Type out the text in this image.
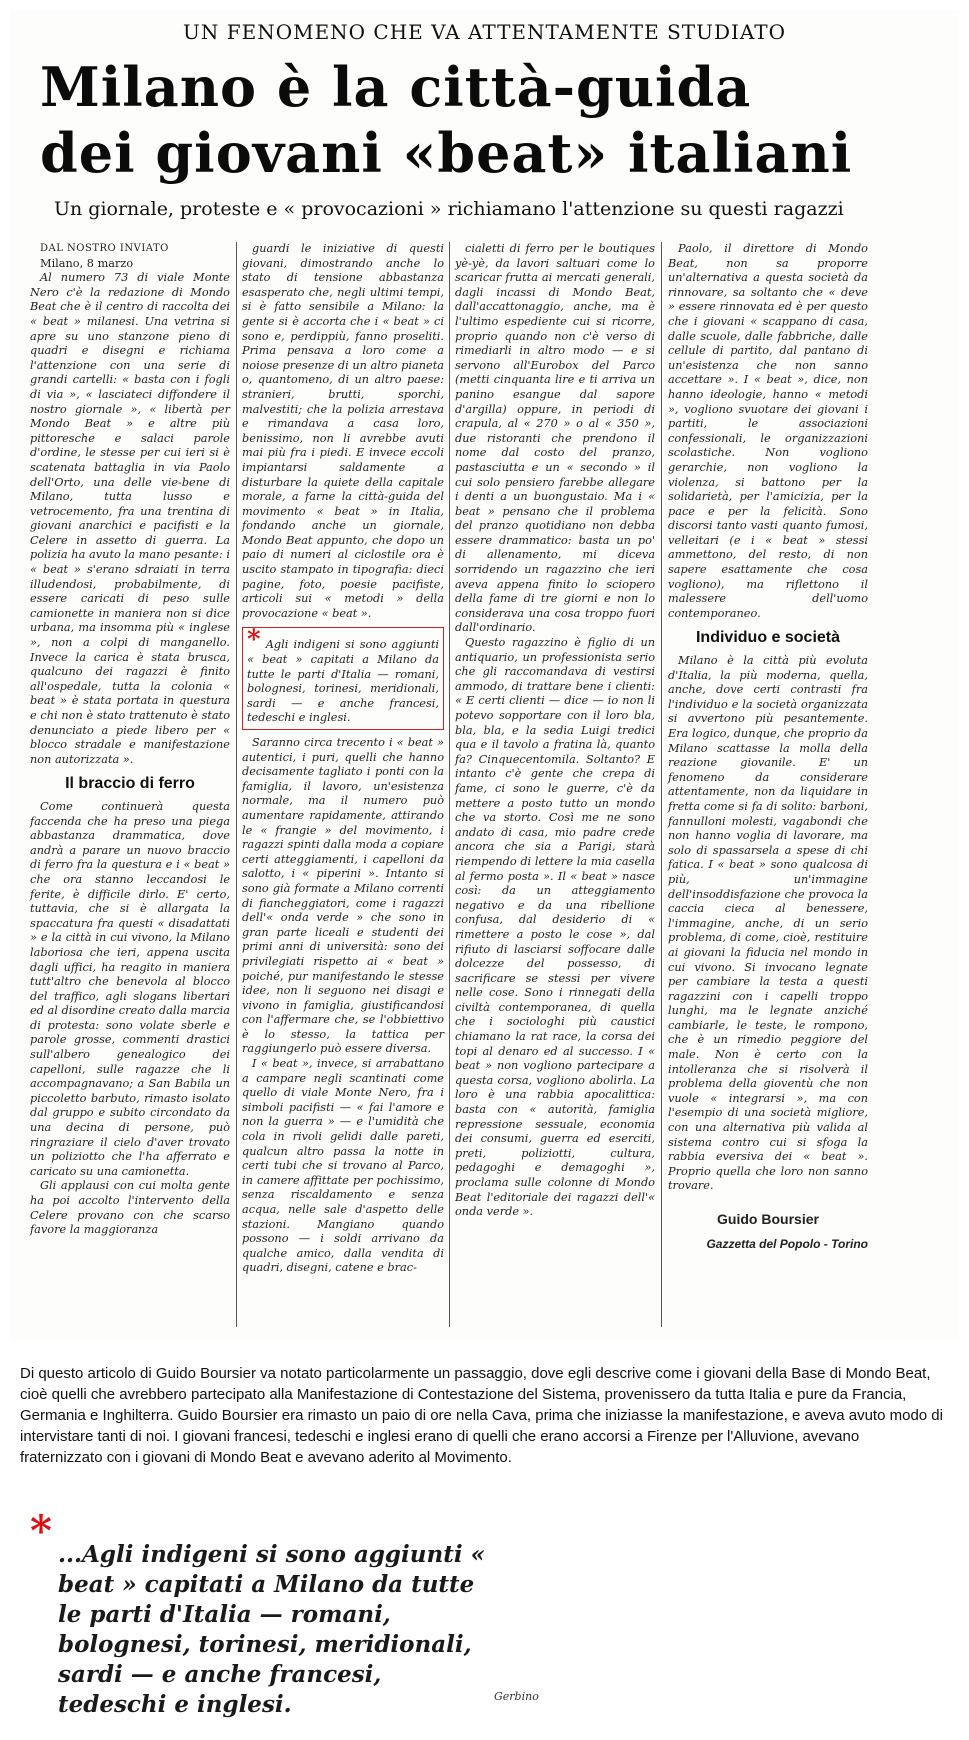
UN FENOMENO CHE VA ATTENTAMENTE STUDIATO
Milano è la città-guida
dei giovani «beat» italiani
Un giornale, proteste e « provocazioni » richiamano l'attenzione su questi ragazzi

DAL NOSTRO INVIATO

Milano, 8 marzo

Al numero 73 di viale Monte Nero c'è la redazione di Mondo Beat che è il centro di raccolta dei « beat » milanesi. Una vetrina si apre su uno stanzone pieno di quadri e disegni e richiama l'attenzione con una serie di grandi cartelli: « basta con i fogli di via », « lasciateci diffondere il nostro giornale », « libertà per Mondo Beat » e altre più pittoresche e salaci parole d'ordine, le stesse per cui ieri si è scatenata battaglia in via Paolo dell'Orto, una delle vie-bene di Milano, tutta lusso e vetrocemento, fra una trentina di giovani anarchici e pacifisti e la Celere in assetto di guerra. La polizia ha avuto la mano pesante: i « beat » s'erano sdraiati in terra illudendosi, probabilmente, di essere caricati di peso sulle camionette in maniera non si dice urbana, ma insomma più « inglese », non a colpi di manganello. Invece la carica è stata brusca, qualcuno dei ragazzi è finito all'ospedale, tutta la colonia « beat » è stata portata in questura e chi non è stato trattenuto è stato denunciato a piede libero per « blocco stradale e manifestazione non autorizzata ».

Il braccio di ferro

Come continuerà questa faccenda che ha preso una piega abbastanza drammatica, dove andrà a parare un nuovo braccio di ferro fra la questura e i « beat » che ora stanno leccandosi le ferite, è difficile dirlo. E' certo, tuttavia, che si è allargata la spaccatura fra questi « disadattati » e la città in cui vivono, la Milano laboriosa che ieri, appena uscita dagli uffici, ha reagito in maniera tutt'altro che benevola al blocco del traffico, agli slogans libertari ed al disordine creato dalla marcia di protesta: sono volate sberle e parole grosse, commenti drastici sull'albero genealogico dei capelloni, sulle ragazze che li accompagnavano; a San Babila un piccoletto barbuto, rimasto isolato dal gruppo e subito circondato da una decina di persone, può ringraziare il cielo d'aver trovato un poliziotto che l'ha afferrato e caricato su una camionetta.

Gli applausi con cui molta gente ha poi accolto l'intervento della Celere provano con che scarso favore la maggioranza

guardi le iniziative di questi giovani, dimostrando anche lo stato di tensione abbastanza esasperato che, negli ultimi tempi, si è fatto sensibile a Milano: la gente si è accorta che i « beat » ci sono e, perdippiù, fanno proseliti. Prima pensava a loro come a noiose presenze di un altro pianeta o, quantomeno, di un altro paese: stranieri, brutti, sporchi, malvestiti; che la polizia arrestava e rimandava a casa loro, benissimo, non li avrebbe avuti mai più fra i piedi. E invece eccoli impiantarsi saldamente a disturbare la quiete della capitale morale, a farne la città-guida del movimento « beat » in Italia, fondando anche un giornale, Mondo Beat appunto, che dopo un paio di numeri al ciclostile ora è uscito stampato in tipografia: dieci pagine, foto, poesie pacifiste, articoli sui « metodi » della provocazione « beat ».

* Agli indigeni si sono aggiunti « beat » capitati a Milano da tutte le parti d'Italia — romani, bolognesi, torinesi, meridionali, sardi — e anche francesi, tedeschi e inglesi.

Saranno circa trecento i « beat » autentici, i puri, quelli che hanno decisamente tagliato i ponti con la famiglia, il lavoro, un'esistenza normale, ma il numero può aumentare rapidamente, attirando le « frangie » del movimento, i ragazzi spinti dalla moda a copiare certi atteggiamenti, i capelloni da salotto, i « piperini ». Intanto si sono già formate a Milano correnti di fiancheggiatori, come i ragazzi dell'« onda verde » che sono in gran parte liceali e studenti dei primi anni di università: sono dei privilegiati rispetto ai « beat » poiché, pur manifestando le stesse idee, non li seguono nei disagi e vivono in famiglia, giustificandosi con l'affermare che, se l'obbiettivo è lo stesso, la tattica per raggiungerlo può essere diversa.

I « beat », invece, si arrabattano a campare negli scantinati come quello di viale Monte Nero, fra i simboli pacifisti — « fai l'amore e non la guerra » — e l'umidità che cola in rivoli gelidi dalle pareti, qualcun altro passa la notte in certi tubi che si trovano al Parco, in camere affittate per pochissimo, senza riscaldamento e senza acqua, nelle sale d'aspetto delle stazioni. Mangiano quando possono — i soldi arrivano da qualche amico, dalla vendita di quadri, disegni, catene e brac-

cialetti di ferro per le boutiques yè-yè, da lavori saltuari come lo scaricar frutta ai mercati generali, dagli incassi di Mondo Beat, dall'accattonaggio, anche, ma è l'ultimo espediente cui si ricorre, proprio quando non c'è verso di rimediarli in altro modo — e si servono all'Eurobox del Parco (metti cinquanta lire e ti arriva un panino esangue dal sapore d'argilla) oppure, in periodi di crapula, al « 270 » o al « 350 », due ristoranti che prendono il nome dal costo del pranzo, pastasciutta e un « secondo » il cui solo pensiero farebbe allegare i denti a un buongustaio. Ma i « beat » pensano che il problema del pranzo quotidiano non debba essere drammatico: basta un po' di allenamento, mi diceva sorridendo un ragazzino che ieri aveva appena finito lo sciopero della fame di tre giorni e non lo considerava una cosa troppo fuori dall'ordinario.

Questo ragazzino è figlio di un antiquario, un professionista serio che gli raccomandava di vestirsi ammodo, di trattare bene i clienti: « E certi clienti — dice — io non li potevo sopportare con il loro bla, bla, bla, e la sedia Luigi tredici qua e il tavolo a fratina là, quanto fa? Cinquecentomila. Soltanto? E intanto c'è gente che crepa di fame, ci sono le guerre, c'è da mettere a posto tutto un mondo che va storto. Così me ne sono andato di casa, mio padre crede ancora che sia a Parigi, starà riempendo di lettere la mia casella al fermo posta ». Il « beat » nasce così: da un atteggiamento negativo e da una ribellione confusa, dal desiderio di « rimettere a posto le cose », dal rifiuto di lasciarsi soffocare dalle dolcezze del possesso, di sacrificare se stessi per vivere nelle cose. Sono i rinnegati della civiltà contemporanea, di quella che i sociologhi più caustici chiamano la rat race, la corsa dei topi al denaro ed al successo. I « beat » non vogliono partecipare a questa corsa, vogliono abolirla. La loro è una rabbia apocalittica: basta con « autorità, famiglia repressione sessuale, economia dei consumi, guerra ed eserciti, preti, poliziotti, cultura, pedagoghi e demagoghi », proclama sulle colonne di Mondo Beat l'editoriale dei ragazzi dell'« onda verde ».

Paolo, il direttore di Mondo Beat, non sa proporre un'alternativa a questa società da rinnovare, sa soltanto che « deve » essere rinnovata ed è per questo che i giovani « scappano di casa, dalle scuole, dalle fabbriche, dalle cellule di partito, dal pantano di un'esistenza che non sanno accettare ». I « beat », dice, non hanno ideologie, hanno « metodi », vogliono svuotare dei giovani i partiti, le associazioni confessionali, le organizzazioni scolastiche. Non vogliono gerarchie, non vogliono la violenza, si battono per la solidarietà, per l'amicizia, per la pace e per la felicità. Sono discorsi tanto vasti quanto fumosi, velleitari (e i « beat » stessi ammettono, del resto, di non sapere esattamente che cosa vogliono), ma riflettono il malessere dell'uomo contemporaneo.

Individuo e società

Milano è la città più evoluta d'Italia, la più moderna, quella, anche, dove certi contrasti fra l'individuo e la società organizzata si avvertono più pesantemente. Era logico, dunque, che proprio da Milano scattasse la molla della reazione giovanile. E' un fenomeno da considerare attentamente, non da liquidare in fretta come si fa di solito: barboni, fannulloni molesti, vagabondi che non hanno voglia di lavorare, ma solo di spassarsela a spese di chi fatica. I « beat » sono qualcosa di più, un'immagine dell'insoddisfazione che provoca la caccia cieca al benessere, l'immagine, anche, di un serio problema, di come, cioè, restituire ai giovani la fiducia nel mondo in cui vivono. Si invocano legnate per cambiare la testa a questi ragazzini con i capelli troppo lunghi, ma le legnate anziché cambiarle, le teste, le rompono, che è un rimedio peggiore del male. Non è certo con la intolleranza che si risolverà il problema della gioventù che non vuole « integrarsi », ma con l'esempio di una società migliore, con una alternativa più valida al sistema contro cui si sfoga la rabbia eversiva dei « beat ». Proprio quella che loro non sanno trovare.

Guido Boursier

Gazzetta del Popolo - Torino

Di questo articolo di Guido Boursier va notato particolarmente un passaggio, dove egli descrive come i giovani della Base di Mondo Beat, cioè quelli che avrebbero partecipato alla Manifestazione di Contestazione del Sistema, provenissero da tutta Italia e pure da Francia, Germania e Inghilterra. Guido Boursier era rimasto un paio di ore nella Cava, prima che iniziasse la manifestazione, e aveva avuto modo di intervistare tanti di noi. I giovani francesi, tedeschi e inglesi erano di quelli che erano accorsi a Firenze per l'Alluvione, avevano fraternizzato con i giovani di Mondo Beat e avevano aderito al Movimento.
* ...Agli indigeni si sono aggiunti « beat » capitati a Milano da tutte le parti d'Italia — romani, bolognesi, torinesi, meridionali, sardi — e anche francesi, tedeschi e inglesi.	Gerbino
